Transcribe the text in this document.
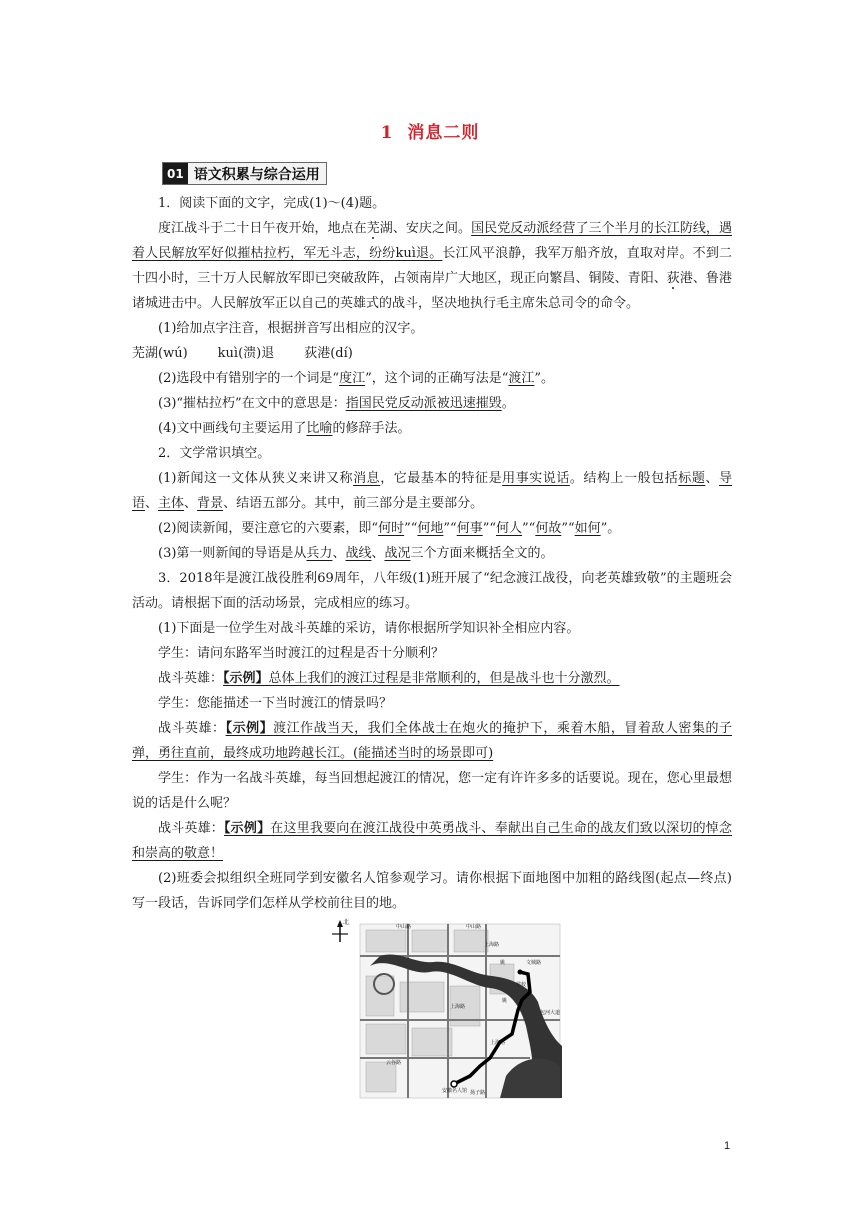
1 消息二则
01 语文积累与综合运用

1．阅读下面的文字，完成(1)～(4)题。

度江战斗于二十日午夜开始，地点在芜湖、安庆之间。国民党反动派经营了三个半月的长江防线，遇着人民解放军好似摧枯拉朽，军无斗志，纷纷kuì退。长江风平浪静，我军万船齐放，直取对岸。不到二十四小时，三十万人民解放军即已突破敌阵，占领南岸广大地区，现正向繁昌、铜陵、青阳、荻港、鲁港诸城进击中。人民解放军正以自己的英雄式的战斗，坚决地执行毛主席朱总司令的命令。

(1)给加点字注音，根据拼音写出相应的汉字。

芜湖(wú) kuì(溃)退 荻港(dí)

(2)选段中有错别字的一个词是“度江”，这个词的正确写法是“渡江”。

(3)“摧枯拉朽”在文中的意思是：指国民党反动派被迅速摧毁。

(4)文中画线句主要运用了比喻的修辞手法。

2．文学常识填空。

(1)新闻这一文体从狭义来讲又称消息，它最基本的特征是用事实说话。结构上一般包括标题、导语、主体、背景、结语五部分。其中，前三部分是主要部分。

(2)阅读新闻，要注意它的六要素，即“何时”“何地”“何事”“何人”“何故”“如何”。

(3)第一则新闻的导语是从兵力、战线、战况三个方面来概括全文的。

3．2018年是渡江战役胜利69周年，八年级(1)班开展了“纪念渡江战役，向老英雄致敬”的主题班会活动。请根据下面的活动场景，完成相应的练习。

(1)下面是一位学生对战斗英雄的采访，请你根据所学知识补全相应内容。

学生：请问东路军当时渡江的过程是否十分顺利？

战斗英雄：【示例】总体上我们的渡江过程是非常顺利的，但是战斗也十分激烈。

学生：您能描述一下当时渡江的情景吗？

战斗英雄：【示例】渡江作战当天，我们全体战士在炮火的掩护下，乘着木船，冒着敌人密集的子弹，勇往直前，最终成功地跨越长江。(能描述当时的场景即可)

学生：作为一名战斗英雄，每当回想起渡江的情况，您一定有许许多多的话要说。现在，您心里最想说的话是什么呢？

战斗英雄：【示例】在这里我要向在渡江战役中英勇战斗、奉献出自己生命的战友们致以深切的悼念和崇高的敬意！

(2)班委会拟组织全班同学到安徽名人馆参观学习。请你根据下面地图中加粗的路线图(起点—终点)写一段话，告诉同学们怎样从学校前往目的地。

北
中山路	中山路
上海路
上海路
上海路
姚
姚
学校
包河大道
云谷路
安徽名人馆
文城路
扬子路
1
